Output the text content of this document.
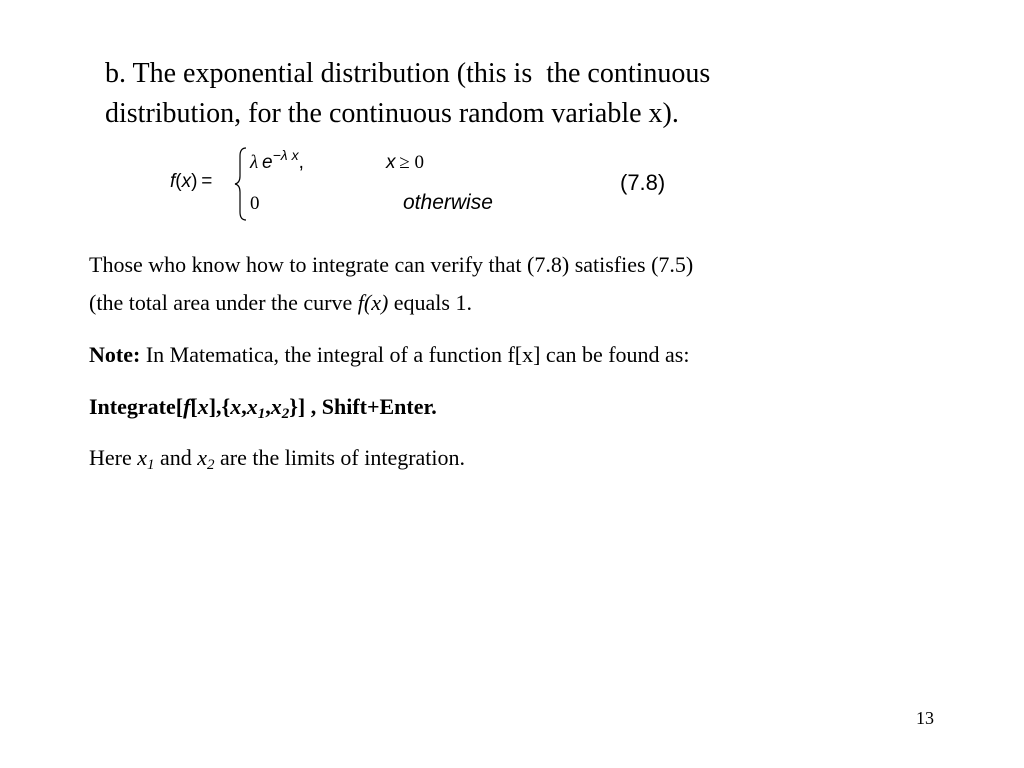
b. The exponential distribution (this is  the continuous
distribution, for the continuous random variable x).
f(x)  =
λ  $e^{-\lambda x}$,	x  ≥ 0
0	otherwise
(7.8)
Those who know how to integrate can verify that (7.8) satisfies (7.5)
(the total area under the curve f(x) equals 1.
Note: In Matematica, the integral of a function f[x] can be found as:
$Integrate[f[x],\{x,x_1,x_2\}]$ , Shift+Enter.
Here $x_1$ and $x_2$ are the limits of integration.
13
